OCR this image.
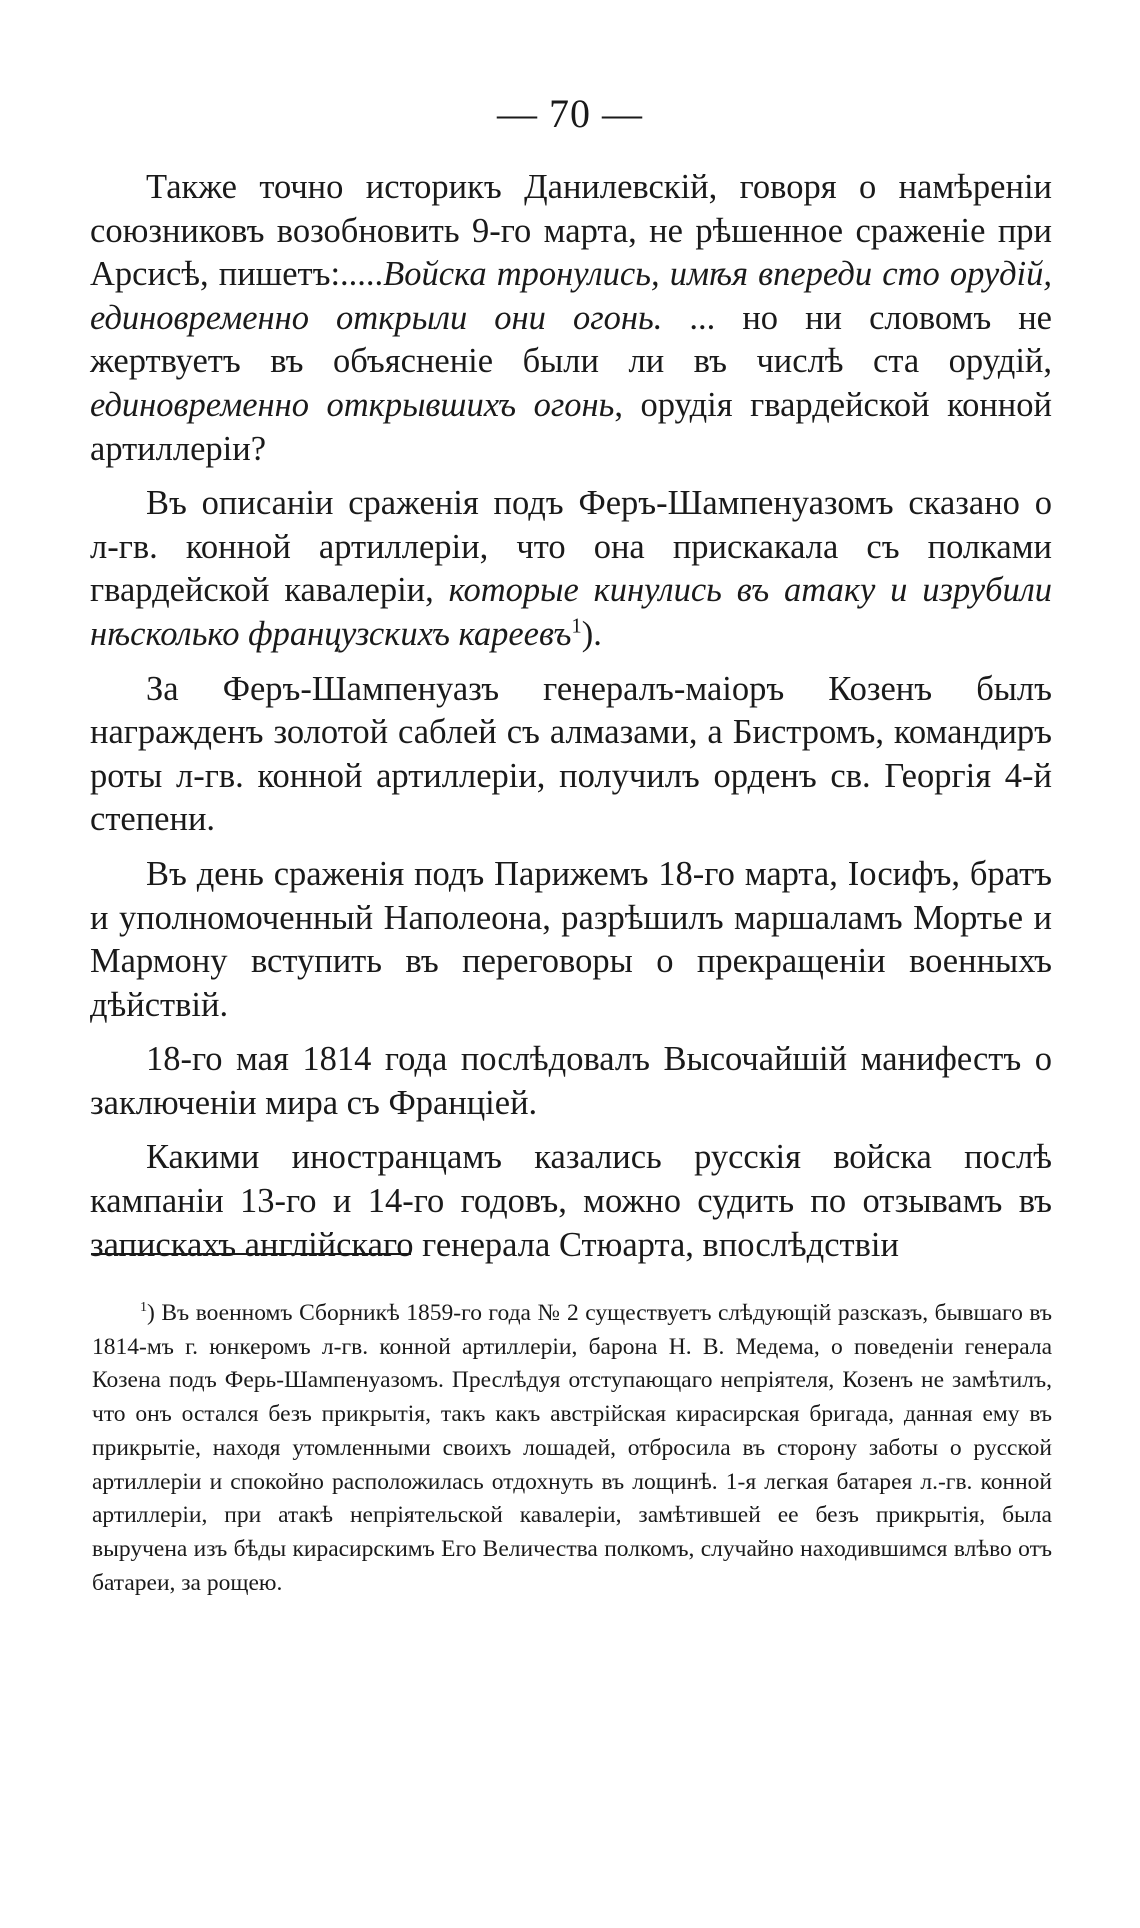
— 70 —

Также точно историкъ Данилевскій, говоря о намѣреніи союзниковъ возобновить 9-го марта, не рѣшенное сраженіе при Арсисѣ, пишетъ:.....Войска тронулись, имѣя впереди сто орудій, единовременно открыли они огонь. ... но ни словомъ не жертвуетъ въ объясненіе были ли въ числѣ ста орудій, единовременно открывшихъ огонь, орудія гвардейской конной артиллеріи?

Въ описаніи сраженія подъ Феръ-Шампенуазомъ сказано о л-гв. конной артиллеріи, что она прискакала съ полками гвардейской кавалеріи, которые кинулись въ атаку и изрубили нѣсколько французскихъ кареевъ$^1$).

За Феръ-Шампенуазъ генералъ-маіоръ Козенъ былъ награжденъ золотой саблей съ алмазами, а Бистромъ, командиръ роты л-гв. конной артиллеріи, получилъ орденъ св. Георгія 4-й степени.

Въ день сраженія подъ Парижемъ 18-го марта, Іосифъ, братъ и уполномоченный Наполеона, разрѣшилъ маршаламъ Мортье и Мармону вступить въ переговоры о прекращеніи военныхъ дѣйствій.

18-го мая 1814 года послѣдовалъ Высочайшій манифестъ о заключеніи мира съ Франціей.

Какими иностранцамъ казались русскія войска послѣ кампаніи 13-го и 14-го годовъ, можно судить по отзывамъ въ запискахъ англійскаго генерала Стюарта, впослѣдствіи

$^1$) Въ военномъ Сборникѣ 1859-го года № 2 существуетъ слѣдующій разсказъ, бывшаго въ 1814-мъ г. юнкеромъ л-гв. конной артиллеріи, барона Н. В. Медема, о поведеніи генерала Козена подъ Ферь-Шампенуазомъ. Преслѣдуя отступающаго непріятеля, Козенъ не замѣтилъ, что онъ остался безъ прикрытія, такъ какъ австрійская кирасирская бригада, данная ему въ прикрытіе, находя утомленными своихъ лошадей, отбросила въ сторону заботы о русской артиллеріи и спокойно расположилась отдохнуть въ лощинѣ. 1-я легкая батарея л.-гв. конной артиллеріи, при атакѣ непріятельской кавалеріи, замѣтившей ее безъ прикрытія, была выручена изъ бѣды кирасирскимъ Его Величества полкомъ, случайно находившимся влѣво отъ батареи, за рощею.
